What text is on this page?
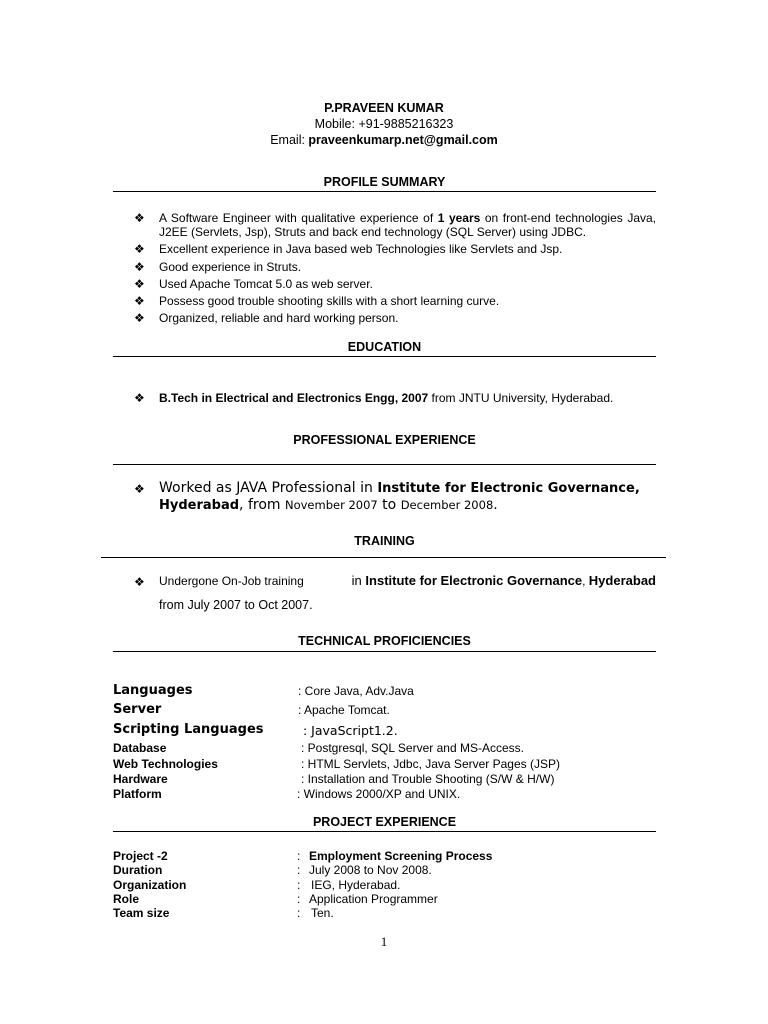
P.PRAVEEN KUMAR
Mobile: +91-9885216323
Email: praveenkumarp.net@gmail.com
PROFILE SUMMARY
❖ A Software Engineer with qualitative experience of 1 years on front-end technologies Java, J2EE (Servlets, Jsp), Struts and back end technology (SQL Server) using JDBC.
❖ Excellent experience in Java based web Technologies like Servlets and Jsp.
❖ Good experience in Struts.
❖ Used Apache Tomcat 5.0 as web server.
❖ Possess good trouble shooting skills with a short learning curve.
❖ Organized, reliable and hard working person.
EDUCATION
❖ B.Tech in Electrical and Electronics Engg, 2007 from JNTU University, Hyderabad.
PROFESSIONAL EXPERIENCE
❖ Worked as JAVA Professional in Institute for Electronic Governance,
Hyderabad, from November 2007 to December 2008.
TRAINING
❖ Undergone On-Job training	in Institute for Electronic Governance, Hyderabad
from July 2007 to Oct 2007.
TECHNICAL PROFICIENCIES
Languages	: Core Java, Adv.Java
Server	: Apache Tomcat.
Scripting Languages	: JavaScript1.2.
Database	: Postgresql, SQL Server and MS-Access.
Web Technologies	: HTML Servlets, Jdbc, Java Server Pages (JSP)
Hardware	: Installation and Trouble Shooting (S/W & H/W)
Platform	: Windows 2000/XP and UNIX.
PROJECT EXPERIENCE
Project -2	: Employment Screening Process
Duration	: July 2008 to Nov 2008.
Organization	: IEG, Hyderabad.
Role	: Application Programmer
Team size	: Ten.
1
